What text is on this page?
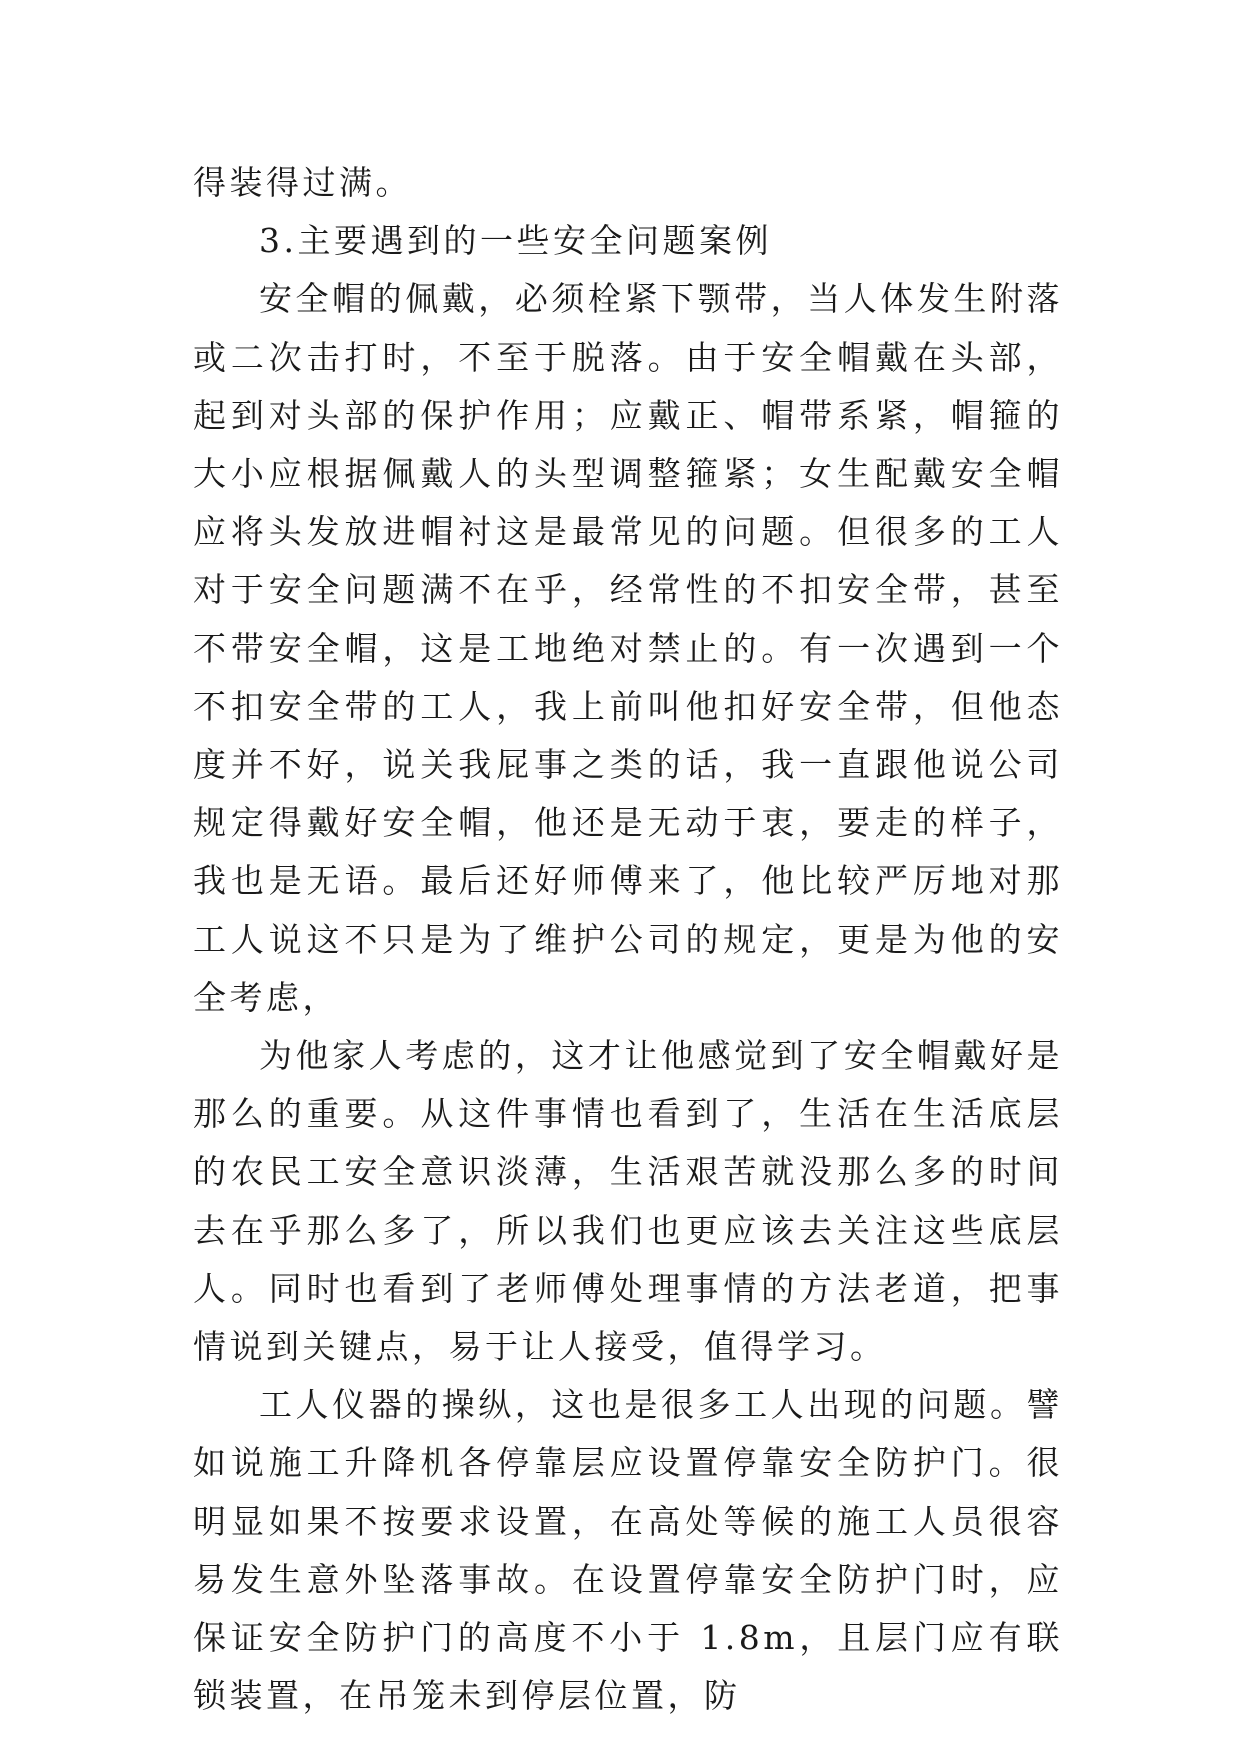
得装得过满。

3.主要遇到的一些安全问题案例

安全帽的佩戴，必须栓紧下颚带，当人体发生附落或二次击打时，不至于脱落。由于安全帽戴在头部，起到对头部的保护作用；应戴正、帽带系紧，帽箍的大小应根据佩戴人的头型调整箍紧；女生配戴安全帽应将头发放进帽衬这是最常见的问题。但很多的工人对于安全问题满不在乎，经常性的不扣安全带，甚至不带安全帽，这是工地绝对禁止的。有一次遇到一个不扣安全带的工人，我上前叫他扣好安全带，但他态度并不好，说关我屁事之类的话，我一直跟他说公司规定得戴好安全帽，他还是无动于衷，要走的样子，我也是无语。最后还好师傅来了，他比较严厉地对那工人说这不只是为了维护公司的规定，更是为他的安全考虑，

为他家人考虑的，这才让他感觉到了安全帽戴好是那么的重要。从这件事情也看到了，生活在生活底层的农民工安全意识淡薄，生活艰苦就没那么多的时间去在乎那么多了，所以我们也更应该去关注这些底层人。同时也看到了老师傅处理事情的方法老道，把事情说到关键点，易于让人接受，值得学习。

工人仪器的操纵，这也是很多工人出现的问题。譬如说施工升降机各停靠层应设置停靠安全防护门。很明显如果不按要求设置，在高处等候的施工人员很容易发生意外坠落事故。在设置停靠安全防护门时，应保证安全防护门的高度不小于 1.8m，且层门应有联锁装置，在吊笼未到停层位置，防
